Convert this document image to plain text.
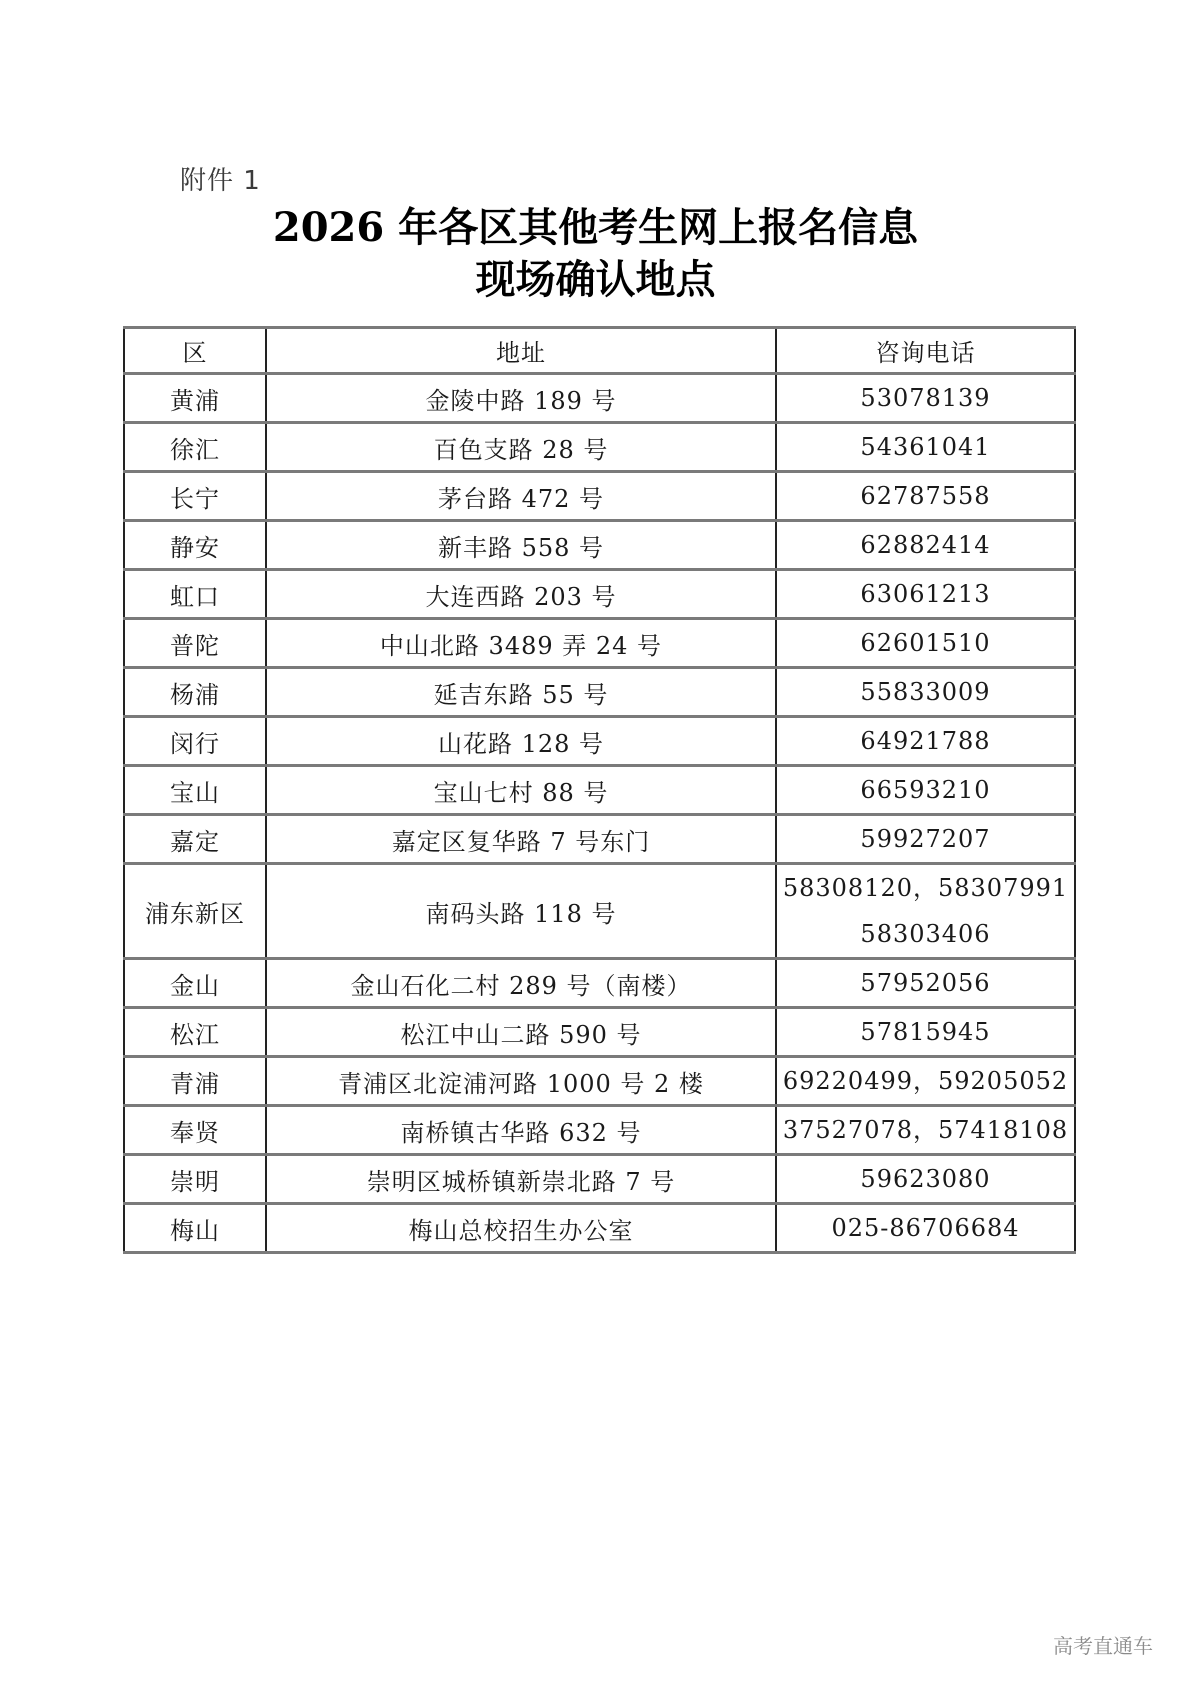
附件 1
2026 年各区其他考生网上报名信息
现场确认地点
区	地址	咨询电话
黄浦	金陵中路 189 号	53078139

徐汇	百色支路 28 号	54361041

长宁	茅台路 472 号	62787558

静安	新丰路 558 号	62882414

虹口	大连西路 203 号	63061213

普陀	中山北路 3489 弄 24 号	62601510

杨浦	延吉东路 55 号	55833009

闵行	山花路 128 号	64921788

宝山	宝山七村 88 号	66593210

嘉定	嘉定区复华路 7 号东门	59927207

浦东新区	南码头路 118 号	58308120，58307991
58303406

金山	金山石化二村 289 号（南楼）	57952056

松江	松江中山二路 590 号	57815945

青浦	青浦区北淀浦河路 1000 号 2 楼	69220499，59205052

奉贤	南桥镇古华路 632 号	37527078，57418108

崇明	崇明区城桥镇新崇北路 7 号	59623080

梅山	梅山总校招生办公室	025-86706684
高考直通车
